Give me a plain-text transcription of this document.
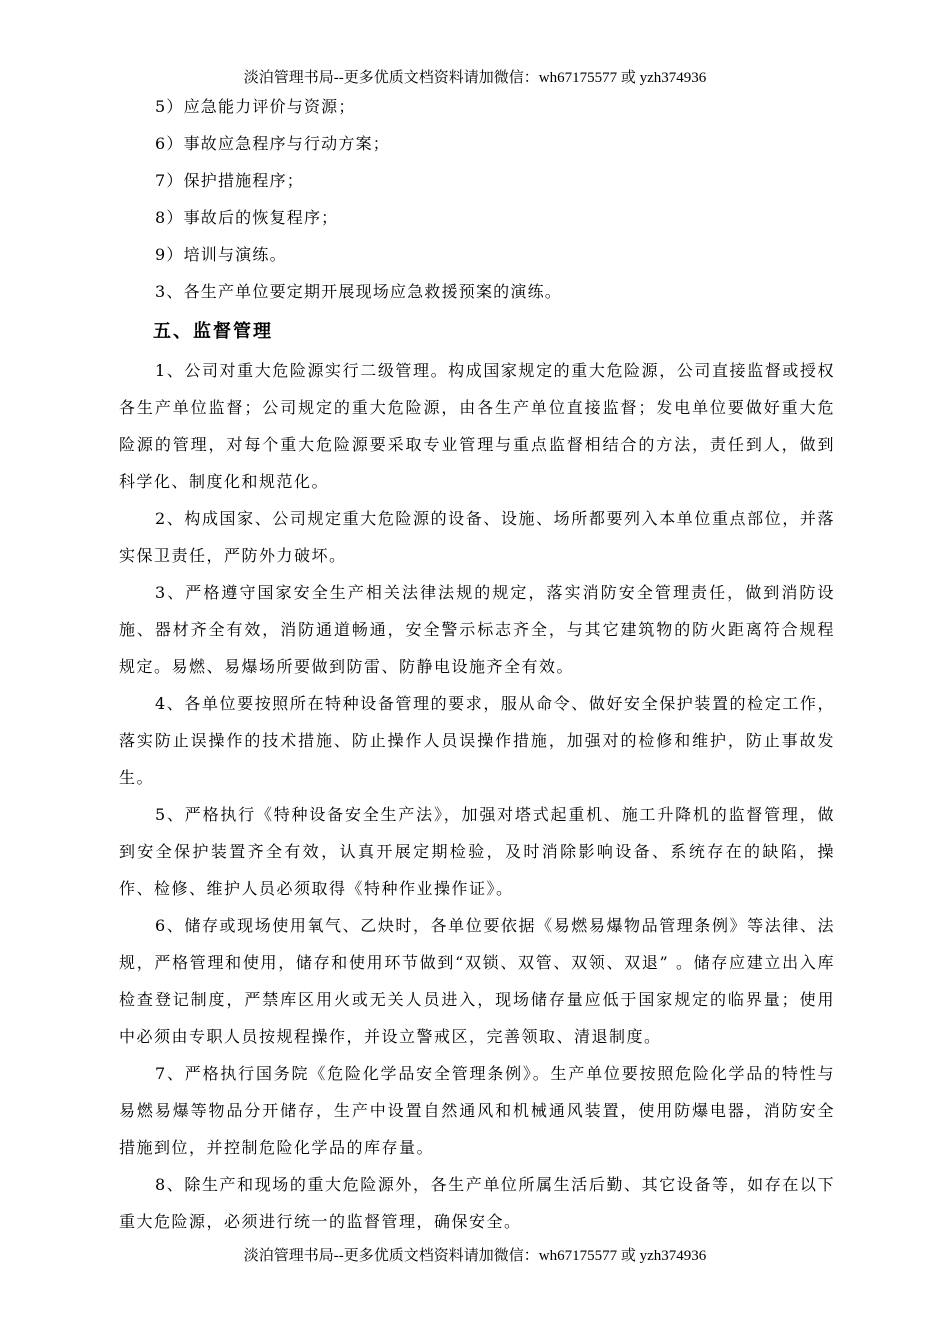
淡泊管理书局--更多优质文档资料请加微信：wh67175577 或 yzh374936
5）应急能力评价与资源；
6）事故应急程序与行动方案；
7）保护措施程序；
8）事故后的恢复程序；
9）培训与演练。
3、各生产单位要定期开展现场应急救援预案的演练。
五、监督管理
1、公司对重大危险源实行二级管理。构成国家规定的重大危险源，公司直接监督或授权各生产单位监督；公司规定的重大危险源，由各生产单位直接监督；发电单位要做好重大危险源的管理，对每个重大危险源要采取专业管理与重点监督相结合的方法，责任到人，做到科学化、制度化和规范化。
2、构成国家、公司规定重大危险源的设备、设施、场所都要列入本单位重点部位，并落实保卫责任，严防外力破坏。
3、严格遵守国家安全生产相关法律法规的规定，落实消防安全管理责任，做到消防设施、器材齐全有效，消防通道畅通，安全警示标志齐全，与其它建筑物的防火距离符合规程规定。易燃、易爆场所要做到防雷、防静电设施齐全有效。
4、各单位要按照所在特种设备管理的要求，服从命令、做好安全保护装置的检定工作，落实防止误操作的技术措施、防止操作人员误操作措施，加强对的检修和维护，防止事故发生。
5、严格执行《特种设备安全生产法》，加强对塔式起重机、施工升降机的监督管理，做到安全保护装置齐全有效，认真开展定期检验，及时消除影响设备、系统存在的缺陷，操作、检修、维护人员必须取得《特种作业操作证》。
6、储存或现场使用氧气、乙炔时，各单位要依据《易燃易爆物品管理条例》等法律、法规，严格管理和使用，储存和使用环节做到“双锁、双管、双领、双退” 。储存应建立出入库检查登记制度，严禁库区用火或无关人员进入，现场储存量应低于国家规定的临界量；使用中必须由专职人员按规程操作，并设立警戒区，完善领取、清退制度。
7、严格执行国务院《危险化学品安全管理条例》。生产单位要按照危险化学品的特性与易燃易爆等物品分开储存，生产中设置自然通风和机械通风装置，使用防爆电器，消防安全措施到位，并控制危险化学品的库存量。
8、除生产和现场的重大危险源外，各生产单位所属生活后勤、其它设备等，如存在以下重大危险源，必须进行统一的监督管理，确保安全。
淡泊管理书局--更多优质文档资料请加微信：wh67175577 或 yzh374936
